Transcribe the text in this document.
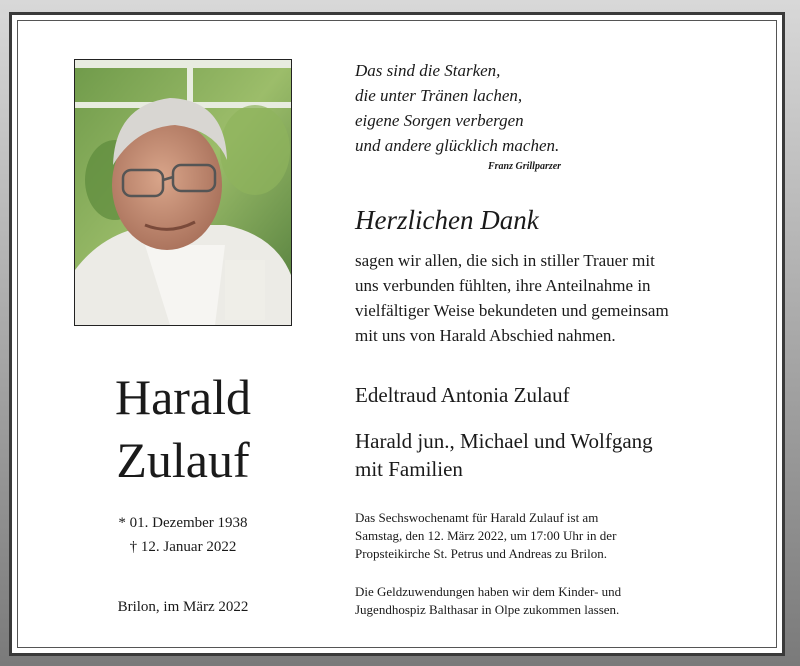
Harald
Zulauf
* 01. Dezember 1938
† 12. Januar 2022
Brilon, im März 2022
Das sind die Starken,
die unter Tränen lachen,
eigene Sorgen verbergen
und andere glücklich machen.
Franz Grillparzer
Herzlichen Dank
sagen wir allen, die sich in stiller Trauer mit
uns verbunden fühlten, ihre Anteilnahme in
vielfältiger Weise bekundeten und gemeinsam
mit uns von Harald Abschied nahmen.
Edeltraud Antonia Zulauf
Harald jun., Michael und Wolfgang
mit Familien
Das Sechswochenamt für Harald Zulauf ist am
Samstag, den 12. März 2022, um 17:00 Uhr in der
Propsteikirche St. Petrus und Andreas zu Brilon.
Die Geldzuwendungen haben wir dem Kinder- und
Jugendhospiz Balthasar in Olpe zukommen lassen.
